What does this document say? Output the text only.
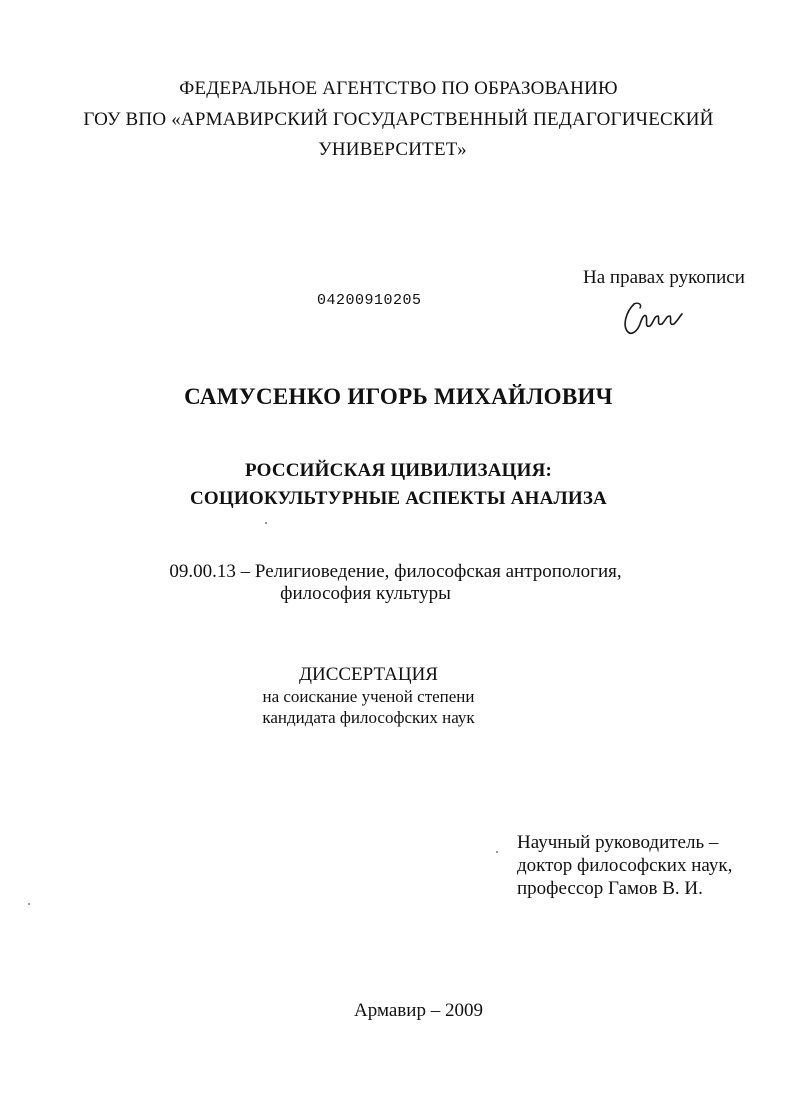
ФЕДЕРАЛЬНОЕ АГЕНТСТВО ПО ОБРАЗОВАНИЮ
ГОУ ВПО «АРМАВИРСКИЙ ГОСУДАРСТВЕННЫЙ ПЕДАГОГИЧЕСКИЙ
УНИВЕРСИТЕТ»
На правах рукописи
04200910205
САМУСЕНКО ИГОРЬ МИХАЙЛОВИЧ
РОССИЙСКАЯ ЦИВИЛИЗАЦИЯ:
СОЦИОКУЛЬТУРНЫЕ АСПЕКТЫ АНАЛИЗА
09.00.13 – Религиоведение, философская антропология,
философия культуры
ДИССЕРТАЦИЯ
на соискание ученой степени
кандидата философских наук
Научный руководитель –
доктор философских наук,
профессор Гамов В. И.
Армавир – 2009
